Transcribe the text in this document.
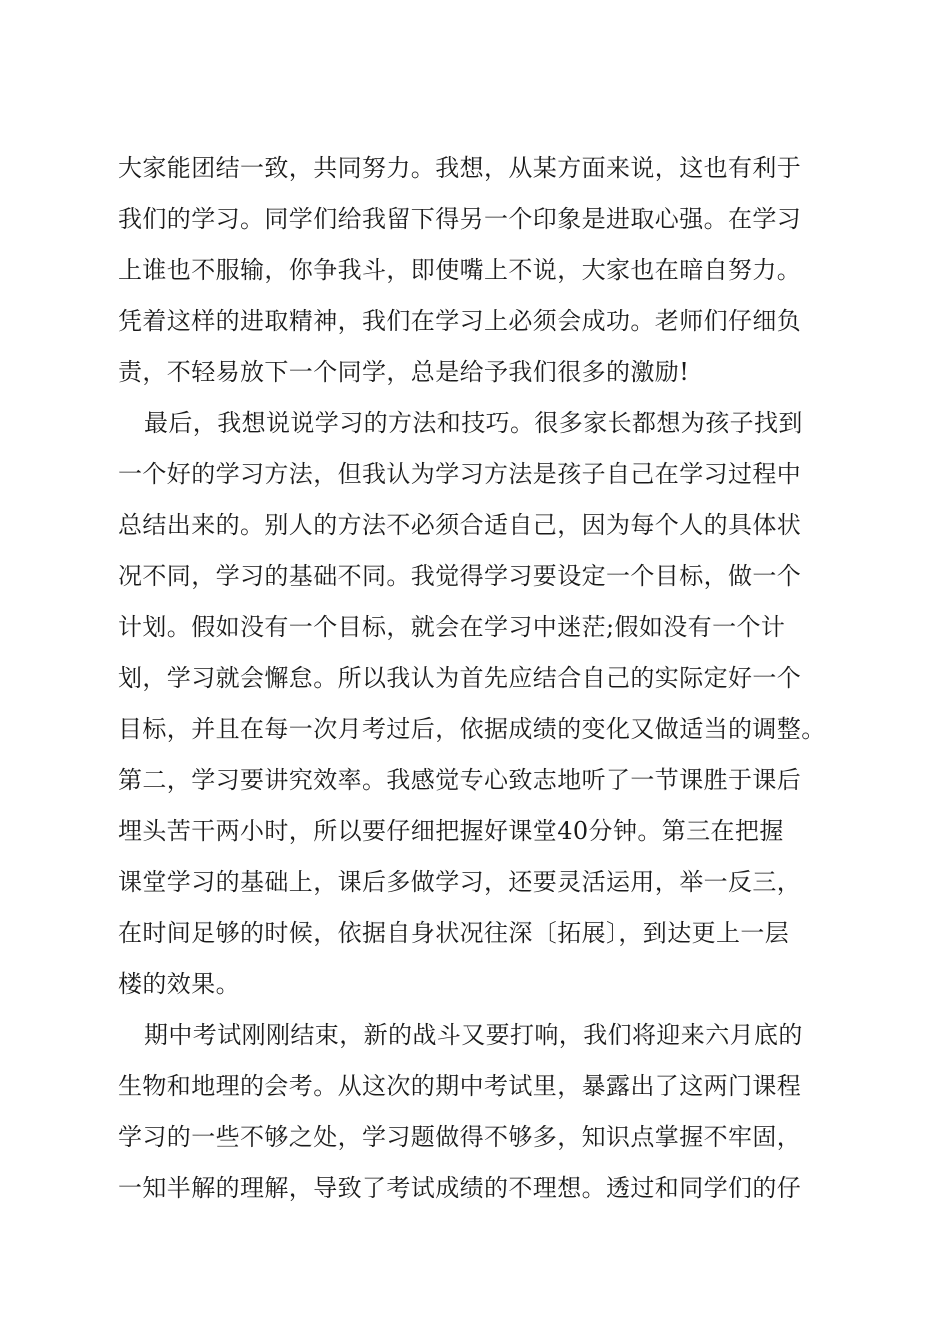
大家能团结一致，共同努力。我想，从某方面来说，这也有利于
我们的学习。同学们给我留下得另一个印象是进取心强。在学习
上谁也不服输，你争我斗，即使嘴上不说，大家也在暗自努力。
凭着这样的进取精神，我们在学习上必须会成功。老师们仔细负
责，不轻易放下一个同学，总是给予我们很多的激励!
最后，我想说说学习的方法和技巧。很多家长都想为孩子找到
一个好的学习方法，但我认为学习方法是孩子自己在学习过程中
总结出来的。别人的方法不必须合适自己，因为每个人的具体状
况不同，学习的基础不同。我觉得学习要设定一个目标，做一个
计划。假如没有一个目标，就会在学习中迷茫;假如没有一个计
划，学习就会懈怠。所以我认为首先应结合自己的实际定好一个
目标，并且在每一次月考过后，依据成绩的变化又做适当的调整。
第二，学习要讲究效率。我感觉专心致志地听了一节课胜于课后
埋头苦干两小时，所以要仔细把握好课堂40分钟。第三在把握
课堂学习的基础上，课后多做学习，还要灵活运用，举一反三，
在时间足够的时候，依据自身状况往深〔拓展〕，到达更上一层
楼的效果。
期中考试刚刚结束，新的战斗又要打响，我们将迎来六月底的
生物和地理的会考。从这次的期中考试里，暴露出了这两门课程
学习的一些不够之处，学习题做得不够多，知识点掌握不牢固，
一知半解的理解，导致了考试成绩的不理想。透过和同学们的仔
